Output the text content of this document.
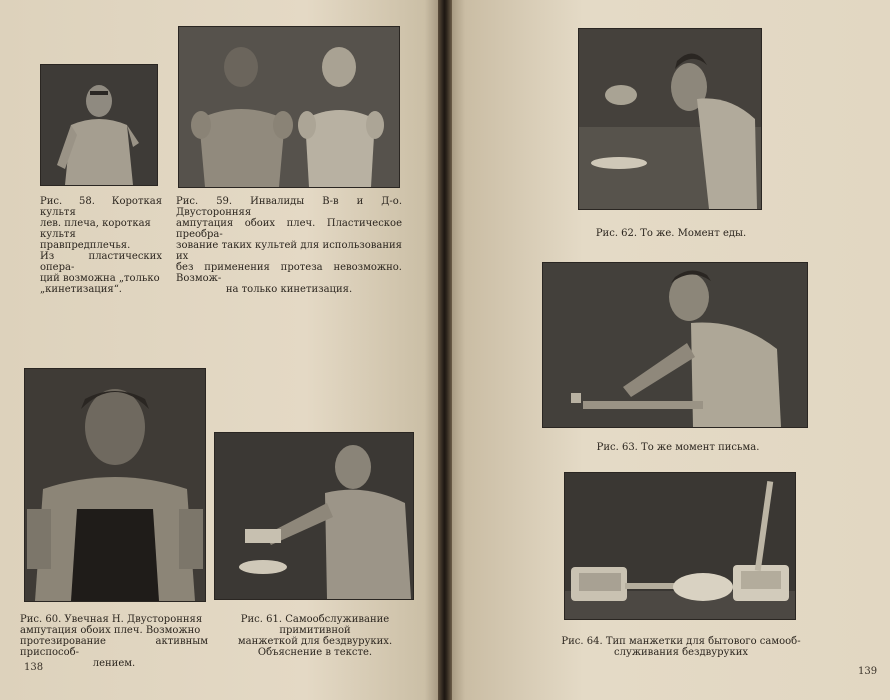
Рис. 58. Короткая культя
лев. плеча, короткая
культя правпредплечья.
Из пластических опера-
ций возможна „только
„кинетизация“.
Рис. 59. Инвалиды В-в и Д-о. Двусторонняя
ампутация обоих плеч. Пластическое преобра-
зование таких культей для использования их
без применения протеза невозможно. Возмож-
на только кинетизация.
Рис. 60. Увечная Н. Двусторонняя
ампутация обоих плеч. Возможно
протезирование активным приспособ-
лением.
Рис. 61. Самообслуживание примитивной
манжеткой для бездвуруких.
Объяснение в тексте.
138
Рис. 62. То же. Момент еды.
Рис. 63. То же момент письма.
Рис. 64. Тип манжетки для бытового самооб-
служивания бездвуруких
139
